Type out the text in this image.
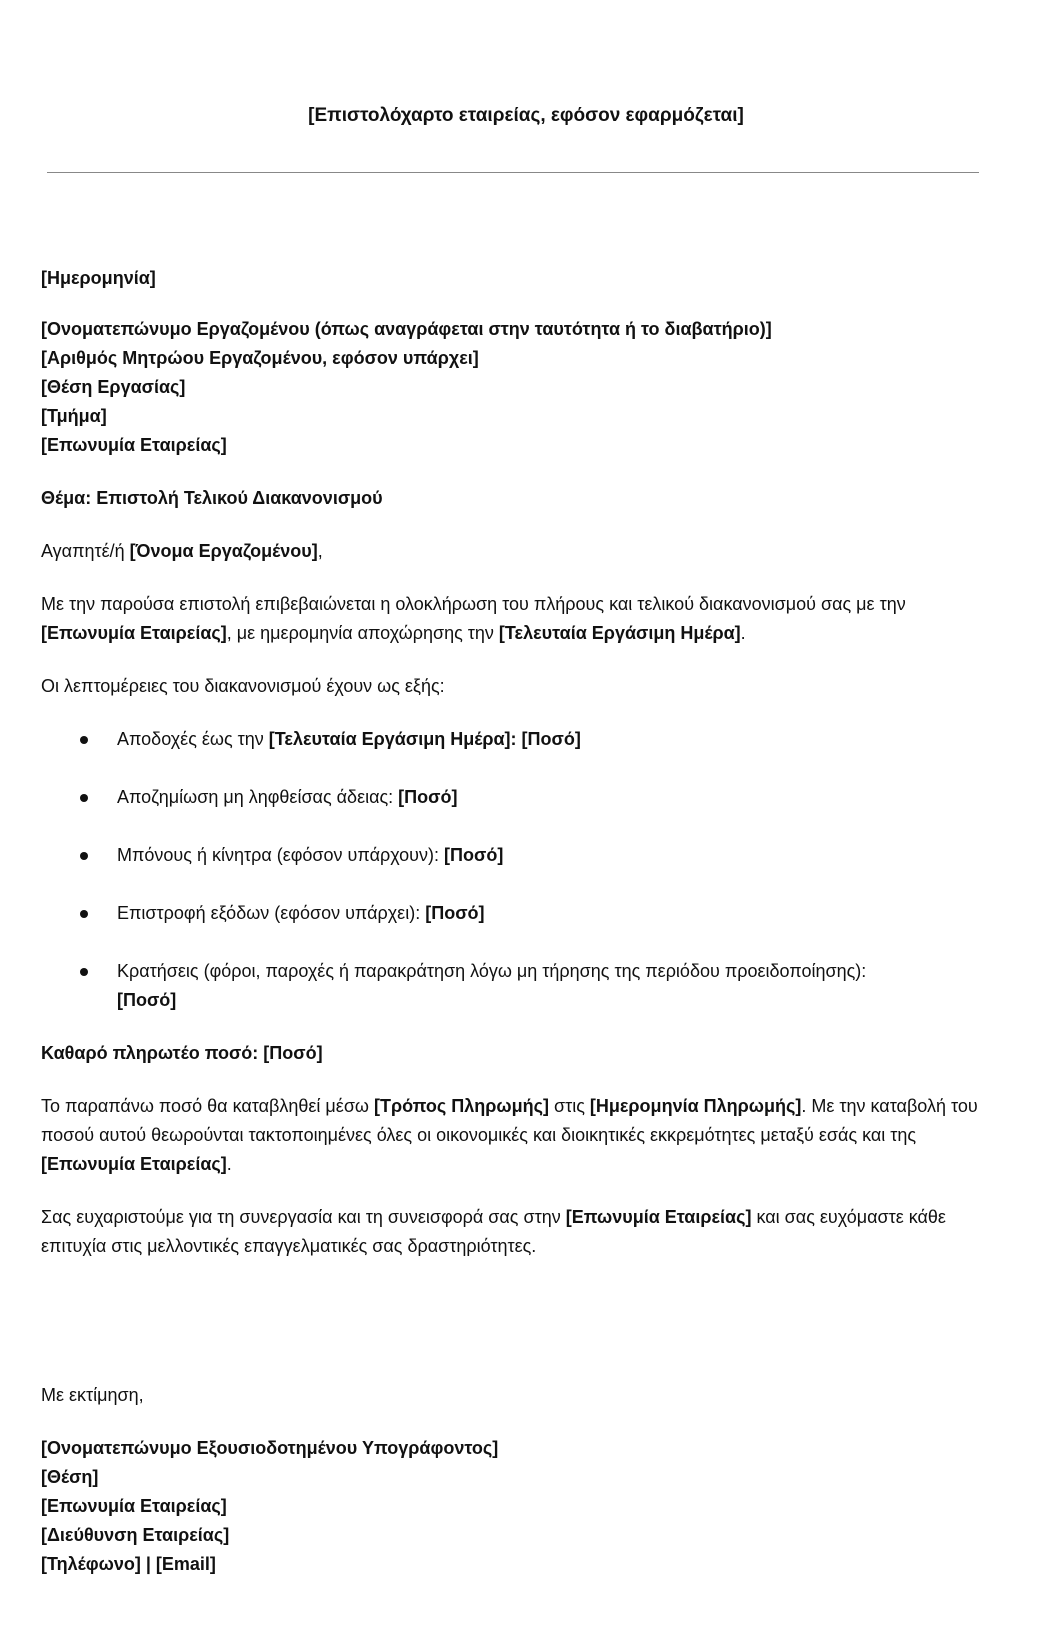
[Επιστολόχαρτο εταιρείας, εφόσον εφαρμόζεται]

[Ημερομηνία]

[Ονοματεπώνυμο Εργαζομένου (όπως αναγράφεται στην ταυτότητα ή το διαβατήριο)]
[Αριθμός Μητρώου Εργαζομένου, εφόσον υπάρχει]
[Θέση Εργασίας]
[Τμήμα]
[Επωνυμία Εταιρείας]

Θέμα: Επιστολή Τελικού Διακανονισμού

Αγαπητέ/ή [Όνομα Εργαζομένου],

Με την παρούσα επιστολή επιβεβαιώνεται η ολοκλήρωση του πλήρους και τελικού διακανονισμού σας με την [Επωνυμία Εταιρείας], με ημερομηνία αποχώρησης την [Τελευταία Εργάσιμη Ημέρα].

Οι λεπτομέρειες του διακανονισμού έχουν ως εξής:

Αποδοχές έως την [Τελευταία Εργάσιμη Ημέρα]: [Ποσό]
Αποζημίωση μη ληφθείσας άδειας: [Ποσό]
Μπόνους ή κίνητρα (εφόσον υπάρχουν): [Ποσό]
Επιστροφή εξόδων (εφόσον υπάρχει): [Ποσό]
Κρατήσεις (φόροι, παροχές ή παρακράτηση λόγω μη τήρησης της περιόδου προειδοποίησης): [Ποσό]

Καθαρό πληρωτέο ποσό: [Ποσό]

Το παραπάνω ποσό θα καταβληθεί μέσω [Τρόπος Πληρωμής] στις [Ημερομηνία Πληρωμής]. Με την καταβολή του ποσού αυτού θεωρούνται τακτοποιημένες όλες οι οικονομικές και διοικητικές εκκρεμότητες μεταξύ εσάς και της [Επωνυμία Εταιρείας].

Σας ευχαριστούμε για τη συνεργασία και τη συνεισφορά σας στην [Επωνυμία Εταιρείας] και σας ευχόμαστε κάθε επιτυχία στις μελλοντικές επαγγελματικές σας δραστηριότητες.

Με εκτίμηση,

[Ονοματεπώνυμο Εξουσιοδοτημένου Υπογράφοντος]
[Θέση]
[Επωνυμία Εταιρείας]
[Διεύθυνση Εταιρείας]
[Τηλέφωνο] | [Email]
